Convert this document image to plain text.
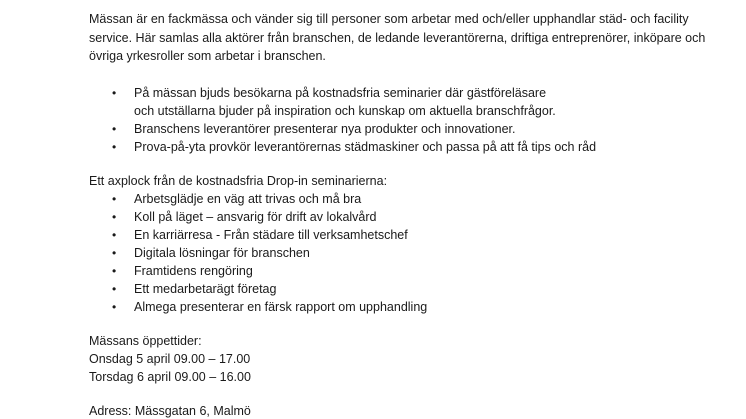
Mässan är en fackmässa och vänder sig till personer som arbetar med och/eller upphandlar städ- och facility service. Här samlas alla aktörer från branschen, de ledande leverantörerna, driftiga entreprenörer, inköpare och övriga yrkesroller som arbetar i branschen.

• På mässan bjuds besökarna på kostnadsfria seminarier där gästföreläsare och utställarna bjuder på inspiration och kunskap om aktuella branschfrågor.
• Branschens leverantörer presenterar nya produkter och innovationer.
• Prova-på-yta provkör leverantörernas städmaskiner och passa på att få tips och råd
Ett axplock från de kostnadsfria Drop-in seminarierna:
• Arbetsglädje en väg att trivas och må bra
• Koll på läget – ansvarig för drift av lokalvård
• En karriärresa - Från städare till verksamhetschef
• Digitala lösningar för branschen
• Framtidens rengöring
• Ett medarbetarägt företag
• Almega presenterar en färsk rapport om upphandling
Mässans öppettider:
Onsdag 5 april 09.00 – 17.00
Torsdag 6 april 09.00 – 16.00
Adress: Mässgatan 6, Malmö
